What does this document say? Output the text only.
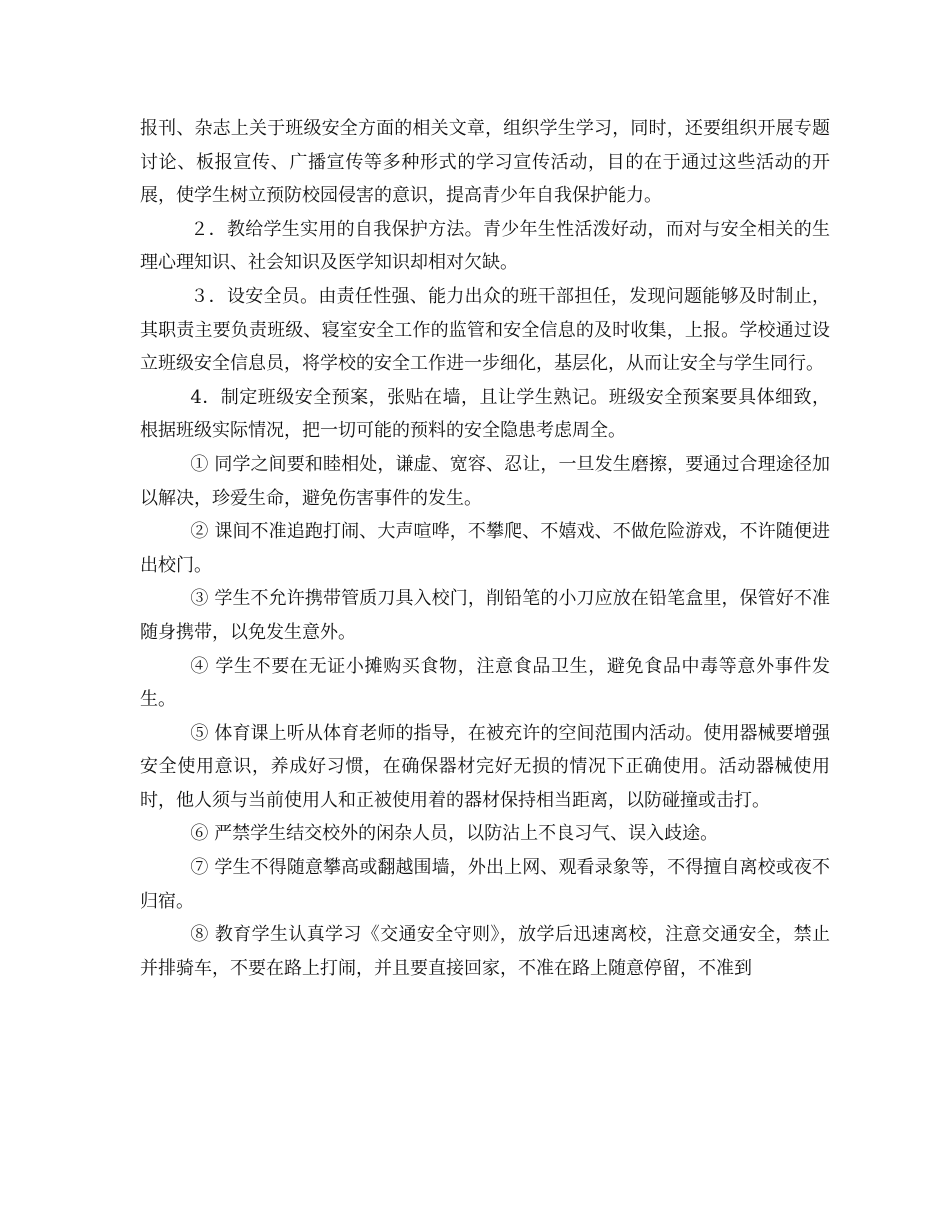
报刊、杂志上关于班级安全方面的相关文章，组织学生学习，同时，还要组织开展专题讨论、板报宣传、广播宣传等多种形式的学习宣传活动，目的在于通过这些活动的开展，使学生树立预防校园侵害的意识，提高青少年自我保护能力。

２．教给学生实用的自我保护方法。青少年生性活泼好动，而对与安全相关的生理心理知识、社会知识及医学知识却相对欠缺。

３．设安全员。由责任性强、能力出众的班干部担任，发现问题能够及时制止，其职责主要负责班级、寝室安全工作的监管和安全信息的及时收集，上报。学校通过设立班级安全信息员，将学校的安全工作进一步细化，基层化，从而让安全与学生同行。

4．制定班级安全预案，张贴在墙，且让学生熟记。班级安全预案要具体细致，根据班级实际情况，把一切可能的预料的安全隐患考虑周全。

① 同学之间要和睦相处，谦虚、宽容、忍让，一旦发生磨擦，要通过合理途径加以解决，珍爱生命，避免伤害事件的发生。

② 课间不准追跑打闹、大声喧哗，不攀爬、不嬉戏、不做危险游戏，不许随便进出校门。

③ 学生不允许携带管质刀具入校门，削铅笔的小刀应放在铅笔盒里，保管好不准随身携带，以免发生意外。

④ 学生不要在无证小摊购买食物，注意食品卫生，避免食品中毒等意外事件发生。

⑤ 体育课上听从体育老师的指导，在被充许的空间范围内活动。使用器械要增强安全使用意识，养成好习惯，在确保器材完好无损的情况下正确使用。活动器械使用时，他人须与当前使用人和正被使用着的器材保持相当距离，以防碰撞或击打。

⑥ 严禁学生结交校外的闲杂人员，以防沾上不良习气、误入歧途。

⑦ 学生不得随意攀高或翻越围墙，外出上网、观看录象等，不得擅自离校或夜不归宿。

⑧ 教育学生认真学习《交通安全守则》，放学后迅速离校，注意交通安全，禁止并排骑车，不要在路上打闹，并且要直接回家，不准在路上随意停留，不准到
